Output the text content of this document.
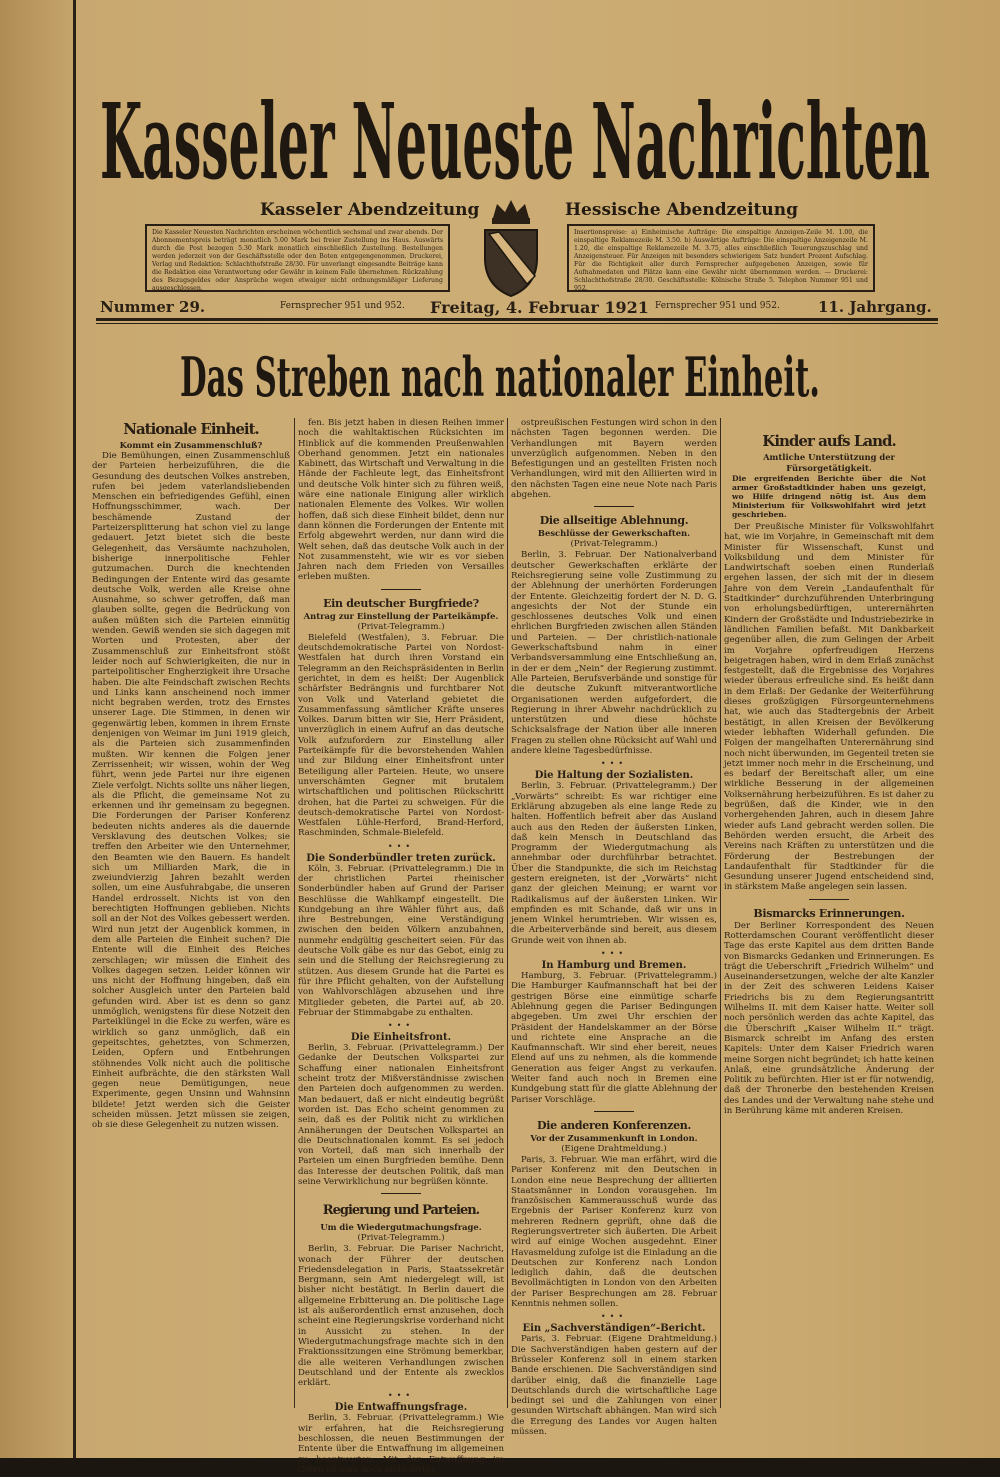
Kasseler Neueste Nachrichten
Kasseler Abendzeitung	Hessische Abendzeitung
Die Kasseler Neuesten Nachrichten erscheinen wöchentlich sechsmal und zwar abends. Der Abonnementspreis beträgt monatlich 5.00 Mark bei freier Zustellung ins Haus. Auswärts durch die Post bezogen 5.30 Mark monatlich einschließlich Zustellung. Bestellungen werden jederzeit von der Geschäftsstelle oder den Boten entgegengenommen. Druckerei, Verlag und Redaktion: Schlachthofstraße 28/30. Für unverlangt eingesandte Beiträge kann die Redaktion eine Verantwortung oder Gewähr in keinem Falle übernehmen. Rückzahlung des Bezugsgeldes oder Ansprüche wegen etwaiger nicht ordnungsmäßiger Lieferung ausgeschlossen.
Insertionspreise: a) Einheimische Aufträge: Die einspaltige Anzeigen-Zeile M. 1.00, die einspaltige Reklamezeile M. 3.50. b) Auswärtige Aufträge: Die einspaltige Anzeigenzeile M. 1.20, die einspaltige Reklamezeile M. 3.75, alles einschließlich Teuerungszuschlag und Anzeigensteuer. Für Anzeigen mit besonders schwierigem Satz hundert Prozent Aufschlag. Für die Richtigkeit aller durch Fernsprecher aufgegebenen Anzeigen, sowie für Aufnahmedaten und Plätze kann eine Gewähr nicht übernommen werden. — Druckerei: Schlachthofstraße 28/30. Geschäftsstelle: Kölnische Straße 5. Telephon Nummer 951 und 952.
Nummer 29.	Fernsprecher 951 und 952. Freitag, 4. Februar 1921 Fernsprecher 951 und 952.	11. Jahrgang.
Das Streben nach nationaler Einheit.
Nationale Einheit.
Kommt ein Zusammenschluß?
Die Bemühungen, einen Zusammenschluß der Parteien herbeizuführen, die die Gesundung des deutschen Volkes anstreben, rufen bei jedem vaterlandsliebenden Menschen ein befriedigendes Gefühl, einen Hoffnungsschimmer, wach. Der beschämende Zustand der Parteizersplitterung hat schon viel zu lange gedauert. Jetzt bietet sich die beste Gelegenheit, das Versäumte nachzuholen, bisherige innerpolitische Fehler gutzumachen. Durch die knechtenden Bedingungen der Entente wird das gesamte deutsche Volk, werden alle Kreise ohne Ausnahme, so schwer getroffen, daß man glauben sollte, gegen die Bedrückung von außen müßten sich die Parteien einmütig wenden. Gewiß wenden sie sich dagegen mit Worten und Protesten, aber der Zusammenschluß zur Einheitsfront stößt leider noch auf Schwierigkeiten, die nur in parteipolitischer Engherzigkeit ihre Ursache haben. Die alte Feindschaft zwischen Rechts und Links kann anscheinend noch immer nicht begraben werden, trotz des Ernstes unserer Lage. Die Stimmen, in denen wir gegenwärtig leben, kommen in ihrem Ernste denjenigen von Weimar im Juni 1919 gleich, als die Parteien sich zusammenfinden mußten. Wir kennen die Folgen jener Zerrissenheit; wir wissen, wohin der Weg führt, wenn jede Partei nur ihre eigenen Ziele verfolgt. Nichts sollte uns näher liegen, als die Pflicht, die gemeinsame Not zu erkennen und ihr gemeinsam zu begegnen. Die Forderungen der Pariser Konferenz bedeuten nichts anderes als die dauernde Versklavung des deutschen Volkes; sie treffen den Arbeiter wie den Unternehmer, den Beamten wie den Bauern. Es handelt sich um Milliarden Mark, die in zweiundvierzig Jahren bezahlt werden sollen, um eine Ausfuhrabgabe, die unseren Handel erdrosselt. Nichts ist von den berechtigten Hoffnungen geblieben. Nichts soll an der Not des Volkes gebessert werden. Wird nun jetzt der Augenblick kommen, in dem alle Parteien die Einheit suchen? Die Entente will die Einheit des Reiches zerschlagen; wir müssen die Einheit des Volkes dagegen setzen. Leider können wir uns nicht der Hoffnung hingeben, daß ein solcher Ausgleich unter den Parteien bald gefunden wird. Aber ist es denn so ganz unmöglich, wenigstens für diese Notzeit den Parteiklüngel in die Ecke zu werfen, wäre es wirklich so ganz unmöglich, daß ein gepeitschtes, gehetztes, von Schmerzen, Leiden, Opfern und Entbehrungen stöhnendes Volk nicht auch die politische Einheit aufbrächte, die den stärksten Wall gegen neue Demütigungen, neue Experimente, gegen Unsinn und Wahnsinn bildete! Jetzt werden sich die Geister scheiden müssen. Jetzt müssen sie zeigen, ob sie diese Gelegenheit zu nutzen wissen.
fen. Bis jetzt haben in diesen Reihen immer noch die wahltaktischen Rücksichten im Hinblick auf die kommenden Preußenwahlen Oberhand genommen. Jetzt ein nationales Kabinett, das Wirtschaft und Verwaltung in die Hände der Fachleute legt, das Einheitsfront und deutsche Volk hinter sich zu führen weiß, wäre eine nationale Einigung aller wirklich nationalen Elemente des Volkes. Wir wollen hoffen, daß sich diese Einheit bildet, denn nur dann können die Forderungen der Entente mit Erfolg abgewehrt werden, nur dann wird die Welt sehen, daß das deutsche Volk auch in der Not zusammensteht, wie wir es vor sieben Jahren nach dem Frieden von Versailles erleben mußten.
Ein deutscher Burgfriede?
Antrag zur Einstellung der Parteikämpfe.
(Privat-Telegramm.)
Bielefeld (Westfalen), 3. Februar. Die deutschdemokratische Partei von Nordost-Westfalen hat durch ihren Vorstand ein Telegramm an den Reichspräsidenten in Berlin gerichtet, in dem es heißt: Der Augenblick schärfster Bedrängnis und furchtbarer Not von Volk und Vaterland gebietet die Zusammenfassung sämtlicher Kräfte unseres Volkes. Darum bitten wir Sie, Herr Präsident, unverzüglich in einem Aufruf an das deutsche Volk aufzufordern zur Einstellung aller Parteikämpfe für die bevorstehenden Wahlen und zur Bildung einer Einheitsfront unter Beteiligung aller Parteien. Heute, wo unsere unverschämten Gegner mit brutalem wirtschaftlichen und politischen Rückschritt drohen, hat die Partei zu schweigen. Für die deutsch-demokratische Partei von Nordost-Westfalen Lühle-Herford, Brand-Herford, Raschminden, Schmale-Bielefeld.
•••
Die Sonderbündler treten zurück.
Köln, 3. Februar. (Privattelegramm.) Die in der christlichen Partei rheinischer Sonderbündler haben auf Grund der Pariser Beschlüsse die Wahlkampf eingestellt. Die Kundgebung an ihre Wähler führt aus, daß ihre Bestrebungen, eine Verständigung zwischen den beiden Völkern anzubahnen, nunmehr endgültig gescheitert seien. Für das deutsche Volk gäbe es nur das Gebot, einig zu sein und die Stellung der Reichsregierung zu stützen. Aus diesem Grunde hat die Partei es für ihre Pflicht gehalten, von der Aufstellung von Wahlvorschlägen abzusehen und ihre Mitglieder gebeten, die Partei auf, ab 20. Februar der Stimmabgabe zu enthalten.
•••
Die Einheitsfront.
Berlin, 3. Februar. (Privattelegramm.) Der Gedanke der Deutschen Volkspartei zur Schaffung einer nationalen Einheitsfront scheint trotz der Mißverständnisse zwischen den Parteien doch aufgenommen zu werden. Man bedauert, daß er nicht eindeutig begrüßt worden ist. Das Echo scheint genommen zu sein, daß es der Politik nicht zu wirklichen Annäherungen der Deutschen Volkspartei an die Deutschnationalen kommt. Es sei jedoch von Vorteil, daß man sich innerhalb der Parteien um einen Burgfrieden bemühe. Denn das Interesse der deutschen Politik, daß man seine Verwirklichung nur begrüßen könnte.
Regierung und Parteien.
Um die Wiedergutmachungsfrage.
(Privat-Telegramm.)
Berlin, 3. Februar. Die Pariser Nachricht, wonach der Führer der deutschen Friedensdelegation in Paris, Staatssekretär Bergmann, sein Amt niedergelegt will, ist bisher nicht bestätigt. In Berlin dauert die allgemeine Erbitterung an. Die politische Lage ist als außerordentlich ernst anzusehen, doch scheint eine Regierungskrise vorderhand nicht in Aussicht zu stehen. In der Wiedergutmachungsfrage machte sich in den Fraktionssitzungen eine Strömung bemerkbar, die alle weiteren Verhandlungen zwischen Deutschland und der Entente als zwecklos erklärt.
•••
Die Entwaffnungsfrage.
Berlin, 3. Februar. (Privattelegramm.) Wie wir erfahren, hat die Reichsregierung beschlossen, die neuen Bestimmungen der Entente über die Entwaffnung im allgemeinen zu beantworten. Mit der Entwaffnung im Osten ist man noch nicht fertig.
ostpreußischen Festungen wird schon in den nächsten Tagen begonnen werden. Die Verhandlungen mit Bayern werden unverzüglich aufgenommen. Neben in den Befestigungen und an gestellten Fristen noch Verhandlungen, wird mit den Alliierten wird in den nächsten Tagen eine neue Note nach Paris abgehen.
Die allseitige Ablehnung.
Beschlüsse der Gewerkschaften.
(Privat-Telegramm.)
Berlin, 3. Februar. Der Nationalverband deutscher Gewerkschaften erklärte der Reichsregierung seine volle Zustimmung zu der Ablehnung der unerhörten Forderungen der Entente. Gleichzeitig fordert der N. D. G. angesichts der Not der Stunde ein geschlossenes deutsches Volk und einen ehrlichen Burgfrieden zwischen allen Ständen und Parteien. — Der christlich-nationale Gewerkschaftsbund nahm in einer Verbandsversammlung eine Entschließung an, in der er dem „Nein“ der Regierung zustimmt. Alle Parteien, Berufsverbände und sonstige für die deutsche Zukunft mitverantwortliche Organisationen werden aufgefordert, die Regierung in ihrer Abwehr nachdrücklich zu unterstützen und diese höchste Schicksalsfrage der Nation über alle inneren Fragen zu stellen ohne Rücksicht auf Wahl und andere kleine Tagesbedürfnisse.
•••
Die Haltung der Sozialisten.
Berlin, 3. Februar. (Privattelegramm.) Der „Vorwärts“ schreibt: Es war richtiger eine Erklärung abzugeben als eine lange Rede zu halten. Hoffentlich befreit aber das Ausland auch aus den Reden der äußersten Linken, daß kein Mensch in Deutschland das Programm der Wiedergutmachung als annehmbar oder durchführbar betrachtet. Über die Standpunkte, die sich im Reichstag gestern ereigneten, ist der „Vorwärts“ nicht ganz der gleichen Meinung; er warnt vor Radikalismus auf der äußersten Linken. Wir empfinden es mit Schande, daß wir uns in jenem Winkel herumtrieben. Wir wissen es, die Arbeiterverbände sind bereit, aus diesem Grunde weit von ihnen ab.
•••
In Hamburg und Bremen.
Hamburg, 3. Februar. (Privattelegramm.) Die Hamburger Kaufmannschaft hat bei der gestrigen Börse eine einmütige scharfe Ablehnung gegen die Pariser Bedingungen abgegeben. Um zwei Uhr erschien der Präsident der Handelskammer an der Börse und richtete eine Ansprache an die Kaufmannschaft. Wir sind eher bereit, neues Elend auf uns zu nehmen, als die kommende Generation aus feiger Angst zu verkaufen. Weiter fand auch noch in Bremen eine Kundgebung statt für die glatte Ablehnung der Pariser Vorschläge.
Die anderen Konferenzen.
Vor der Zusammenkunft in London.
(Eigene Drahtmeldung.)
Paris, 3. Februar. Wie man erfährt, wird die Pariser Konferenz mit den Deutschen in London eine neue Besprechung der alliierten Staatsmänner in London vorausgehen. Im französischen Kammerausschuß wurde das Ergebnis der Pariser Konferenz kurz von mehreren Rednern geprüft, ohne daß die Regierungsvertreter sich äußerten. Die Arbeit wird auf einige Wochen ausgedehnt. Einer Havasmeldung zufolge ist die Einladung an die Deutschen zur Konferenz nach London lediglich dahin, daß die deutschen Bevollmächtigten in London von den Arbeiten der Pariser Besprechungen am 28. Februar Kenntnis nehmen sollen.
•••
Ein „Sachverständigen“-Bericht.
Paris, 3. Februar. (Eigene Drahtmeldung.) Die Sachverständigen haben gestern auf der Brüsseler Konferenz soll in einem starken Bande erschienen. Die Sachverständigen sind darüber einig, daß die finanzielle Lage Deutschlands durch die wirtschaftliche Lage bedingt sei und die Zahlungen von einer gesunden Wirtschaft abhängen. Man wird sich die Erregung des Landes vor Augen halten müssen.
Kinder aufs Land.
Amtliche Unterstützung der Fürsorgetätigkeit.
Die ergreifenden Berichte über die Not armer Großstadtkinder haben uns gezeigt, wo Hilfe dringend nötig ist. Aus dem Ministerium für Volkswohlfahrt wird jetzt geschrieben.
Der Preußische Minister für Volkswohlfahrt hat, wie im Vorjahre, in Gemeinschaft mit dem Minister für Wissenschaft, Kunst und Volksbildung und dem Minister für Landwirtschaft soeben einen Runderlaß ergehen lassen, der sich mit der in diesem Jahre von dem Verein „Landaufenthalt für Stadtkinder“ durchzuführenden Unterbringung von erholungsbedürftigen, unterernährten Kindern der Großstädte und Industriebezirke in ländlichen Familien befaßt. Mit Dankbarkeit gegenüber allen, die zum Gelingen der Arbeit im Vorjahre opferfreudigen Herzens beigetragen haben, wird in dem Erlaß zunächst festgestellt, daß die Ergebnisse des Vorjahres wieder überaus erfreuliche sind. Es heißt dann in dem Erlaß: Der Gedanke der Weiterführung dieses großzügigen Fürsorgeunternehmens hat, wie auch das Stadtergebnis der Arbeit bestätigt, in allen Kreisen der Bevölkerung wieder lebhaften Widerhall gefunden. Die Folgen der mangelhaften Unterernährung sind noch nicht überwunden, im Gegenteil treten sie jetzt immer noch mehr in die Erscheinung, und es bedarf der Bereitschaft aller, um eine wirkliche Besserung in der allgemeinen Volksernährung herbeizuführen. Es ist daher zu begrüßen, daß die Kinder, wie in den vorhergehenden Jahren, auch in diesem Jahre wieder aufs Land gebracht werden sollen. Die Behörden werden ersucht, die Arbeit des Vereins nach Kräften zu unterstützen und die Förderung der Bestrebungen der Landaufenthalt für Stadtkinder für die Gesundung unserer Jugend entscheidend sind, in stärkstem Maße angelegen sein lassen.
Bismarcks Erinnerungen.
Der Berliner Korrespondent des Neuen Rotterdamschen Courant veröffentlicht dieser Tage das erste Kapitel aus dem dritten Bande von Bismarcks Gedanken und Erinnerungen. Es trägt die Ueberschrift „Friedrich Wilhelm“ und Auseinandersetzungen, welche der alte Kanzler in der Zeit des schweren Leidens Kaiser Friedrichs bis zu dem Regierungsantritt Wilhelms II. mit dem Kaiser hatte. Weiter soll noch persönlich werden das achte Kapitel, das die Überschrift „Kaiser Wilhelm II.“ trägt. Bismarck schreibt im Anfang des ersten Kapitels: Unter dem Kaiser Friedrich waren meine Sorgen nicht begründet; ich hatte keinen Anlaß, eine grundsätzliche Änderung der Politik zu befürchten. Hier ist er für notwendig, daß der Thronerbe den bestehenden Kreisen des Landes und der Verwaltung nahe stehe und in Berührung käme mit anderen Kreisen.
